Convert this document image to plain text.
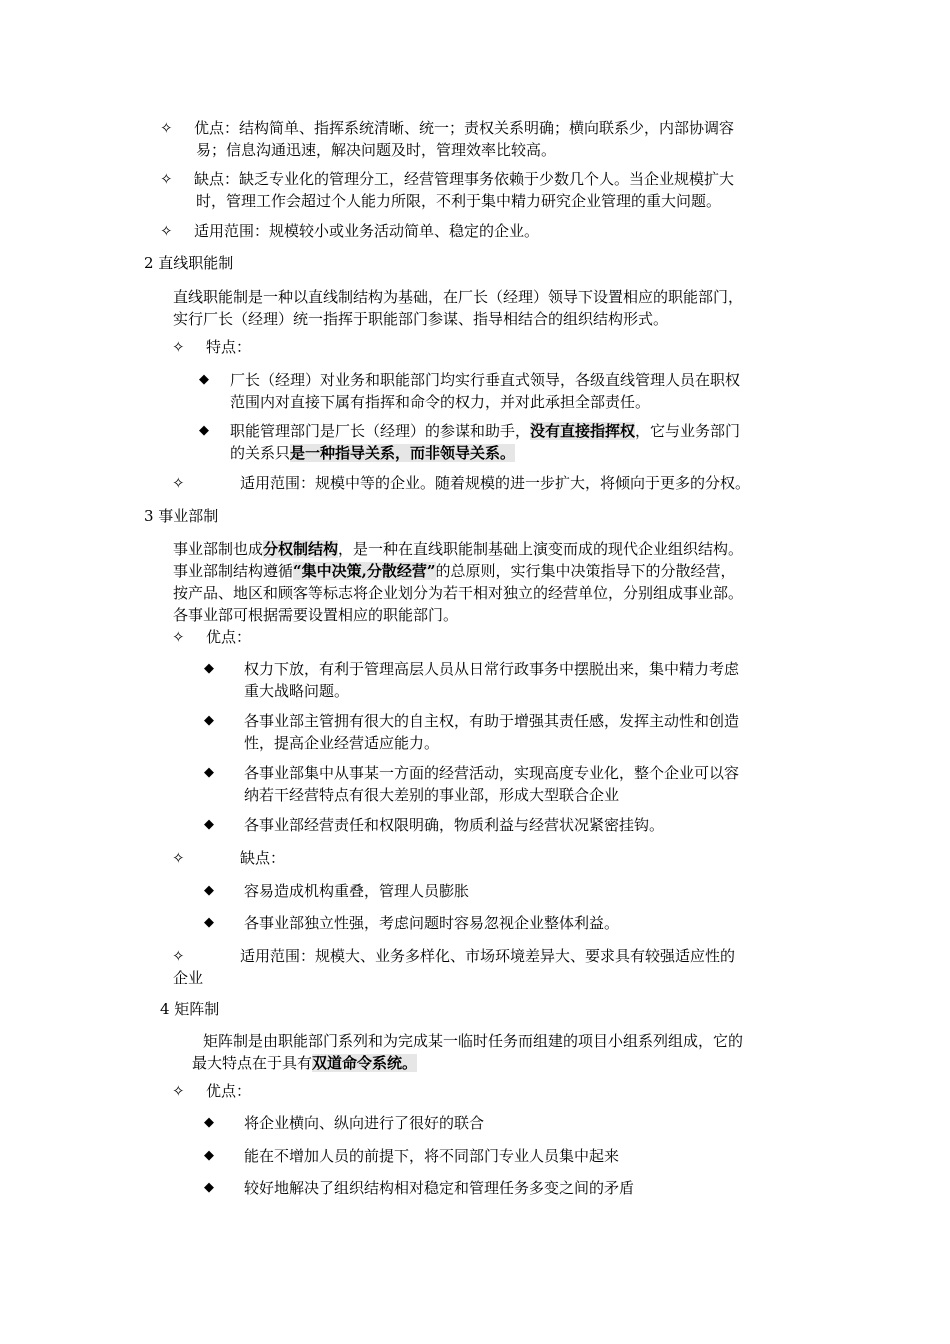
✧ 优点：结构简单、指挥系统清晰、统一；责权关系明确；横向联系少，内部协调容
易；信息沟通迅速，解决问题及时，管理效率比较高。
✧ 缺点：缺乏专业化的管理分工，经营管理事务依赖于少数几个人。当企业规模扩大
时，管理工作会超过个人能力所限，不利于集中精力研究企业管理的重大问题。
✧ 适用范围：规模较小或业务活动简单、稳定的企业。
2 直线职能制
直线职能制是一种以直线制结构为基础，在厂长（经理）领导下设置相应的职能部门，
实行厂长（经理）统一指挥于职能部门参谋、指导相结合的组织结构形式。
✧ 特点：
◆ 厂长（经理）对业务和职能部门均实行垂直式领导，各级直线管理人员在职权
范围内对直接下属有指挥和命令的权力，并对此承担全部责任。
◆ 职能管理部门是厂长（经理）的参谋和助手，没有直接指挥权，它与业务部门
的关系只是一种指导关系，而非领导关系。
✧	适用范围：规模中等的企业。随着规模的进一步扩大，将倾向于更多的分权。
3 事业部制
事业部制也成分权制结构，是一种在直线职能制基础上演变而成的现代企业组织结构。
事业部制结构遵循“集中决策,分散经营”的总原则，实行集中决策指导下的分散经营，
按产品、地区和顾客等标志将企业划分为若干相对独立的经营单位，分别组成事业部。
各事业部可根据需要设置相应的职能部门。
✧ 优点：
◆ 权力下放，有利于管理高层人员从日常行政事务中摆脱出来，集中精力考虑
重大战略问题。
◆ 各事业部主管拥有很大的自主权，有助于增强其责任感，发挥主动性和创造
性，提高企业经营适应能力。
◆ 各事业部集中从事某一方面的经营活动，实现高度专业化，整个企业可以容
纳若干经营特点有很大差别的事业部，形成大型联合企业
◆ 各事业部经营责任和权限明确，物质利益与经营状况紧密挂钩。
✧	缺点：
◆ 容易造成机构重叠，管理人员膨胀
◆ 各事业部独立性强，考虑问题时容易忽视企业整体利益。
✧	适用范围：规模大、业务多样化、市场环境差异大、要求具有较强适应性的
企业
4 矩阵制
矩阵制是由职能部门系列和为完成某一临时任务而组建的项目小组系列组成，它的
最大特点在于具有双道命令系统。
✧ 优点：
◆ 将企业横向、纵向进行了很好的联合
◆ 能在不增加人员的前提下，将不同部门专业人员集中起来
◆ 较好地解决了组织结构相对稳定和管理任务多变之间的矛盾
